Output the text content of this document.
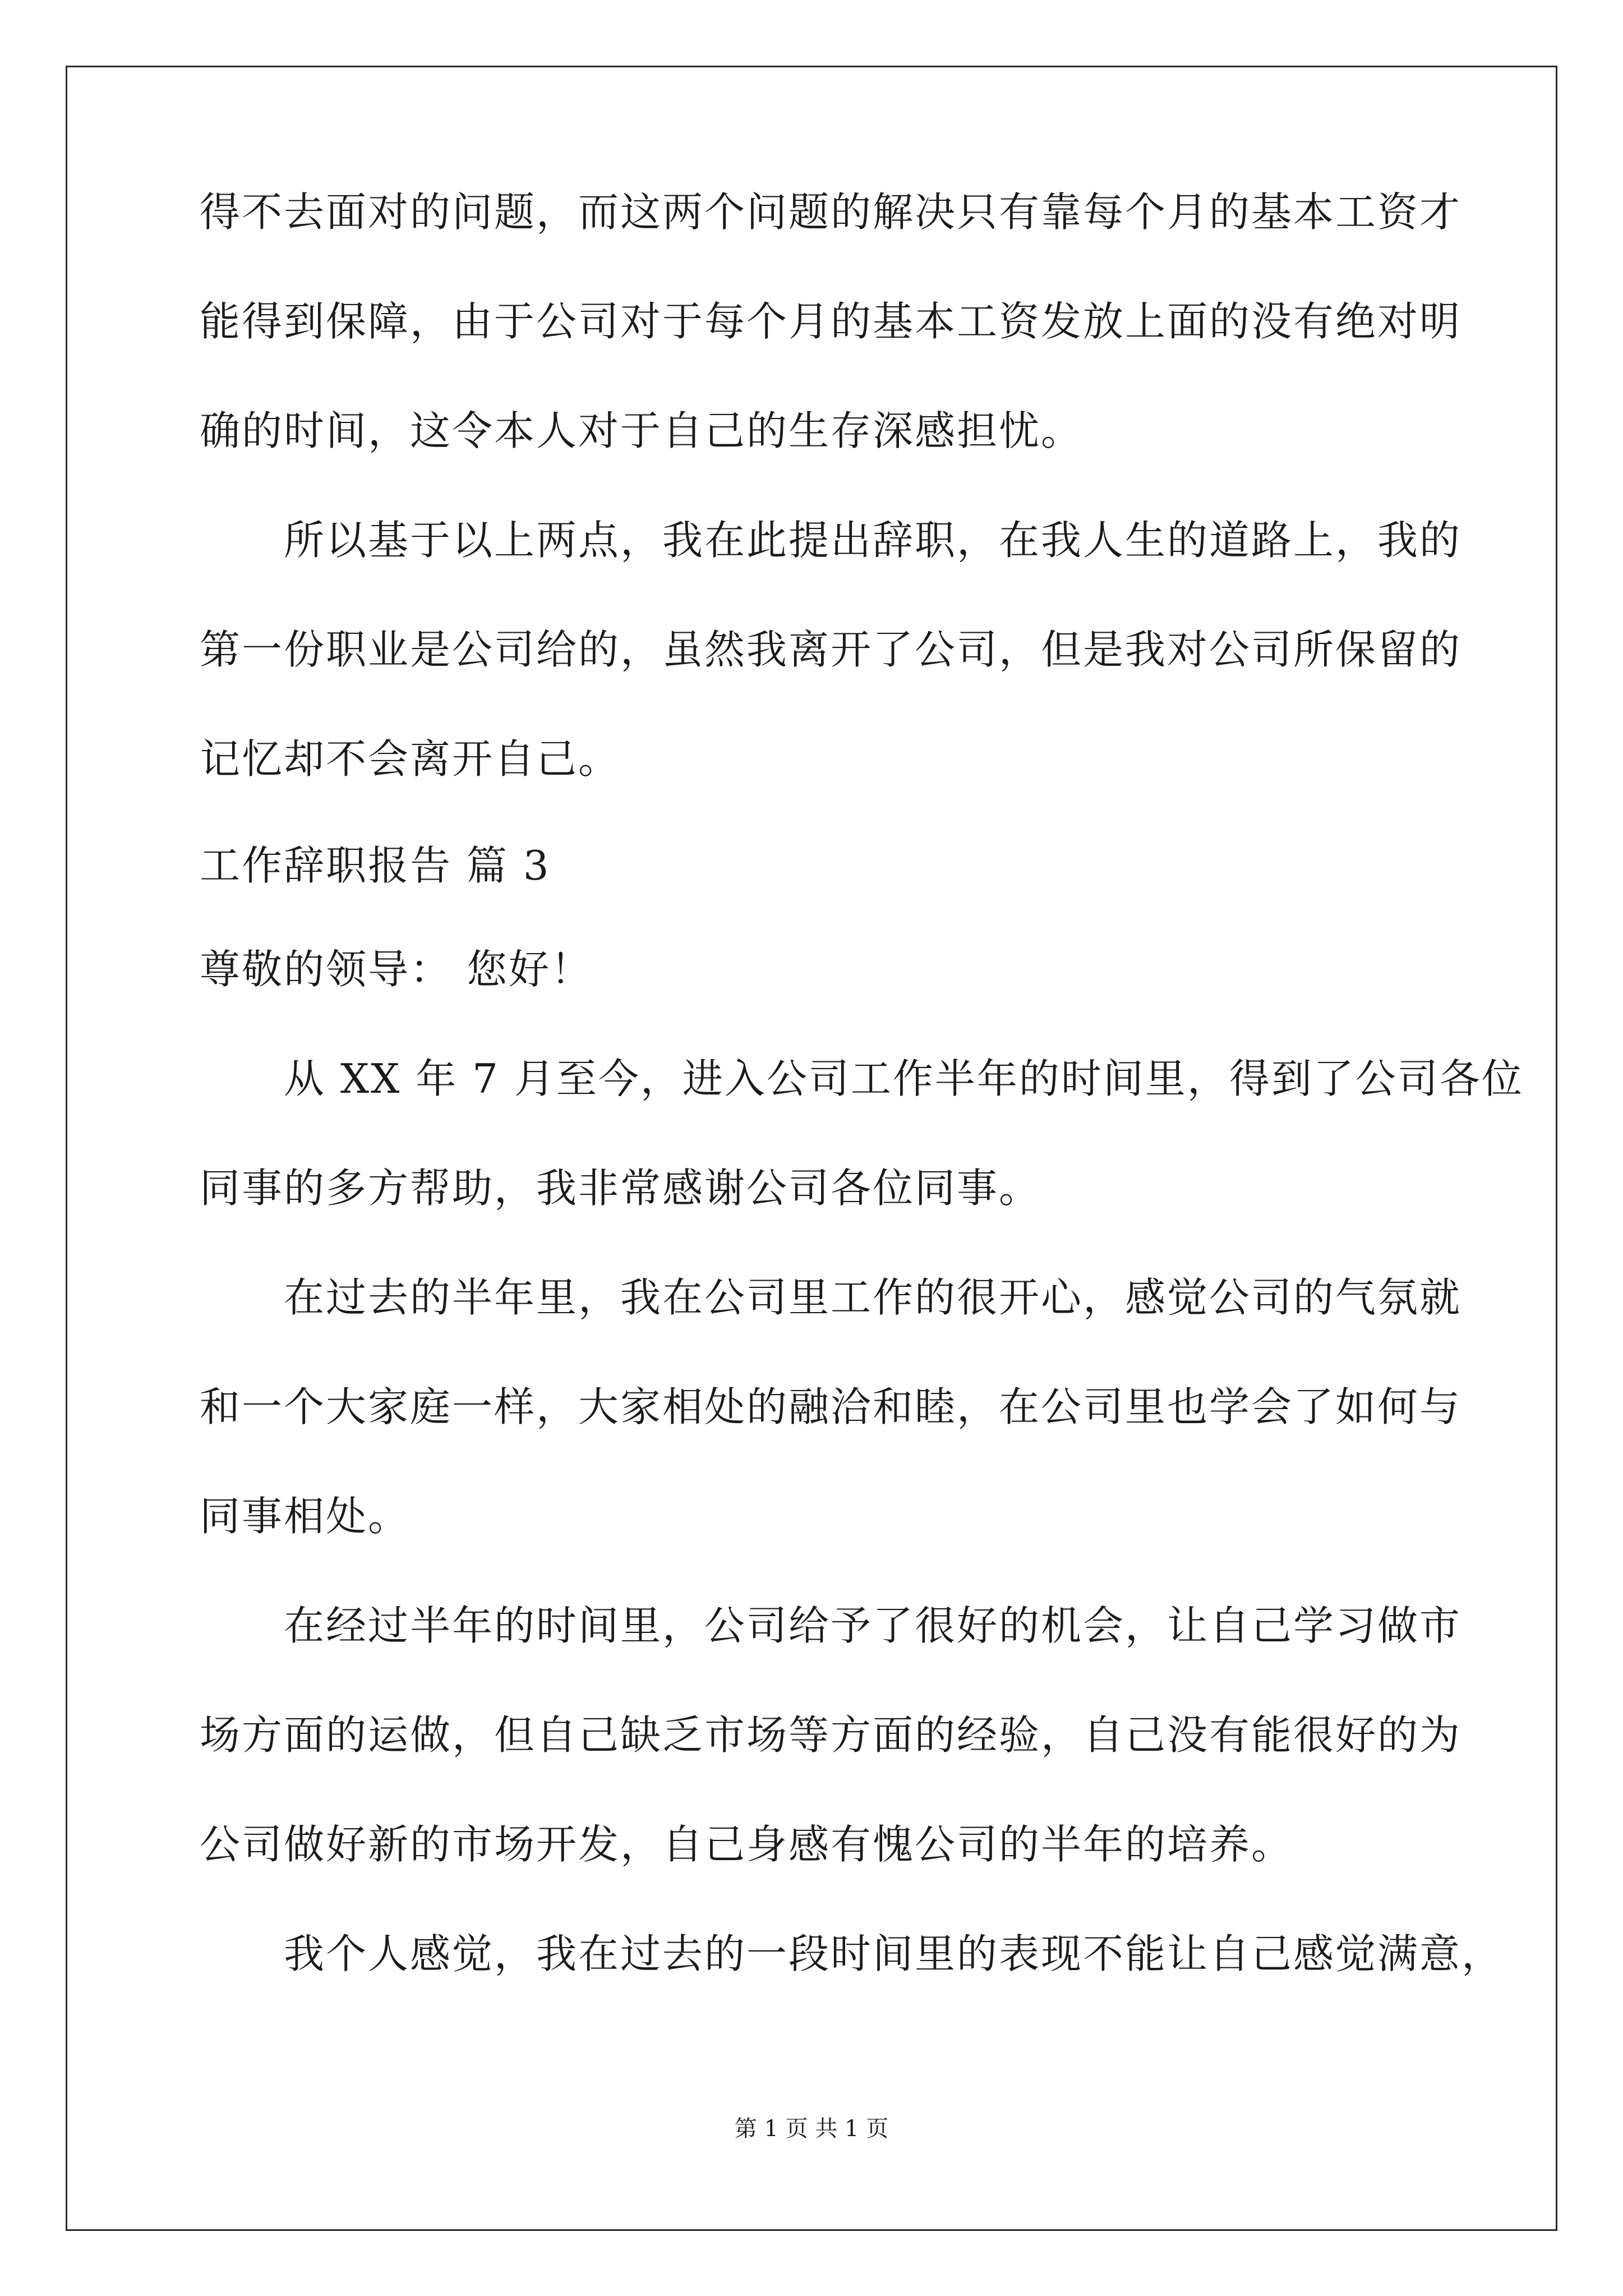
得不去面对的问题，而这两个问题的解决只有靠每个月的基本工资才
能得到保障，由于公司对于每个月的基本工资发放上面的没有绝对明
确的时间，这令本人对于自己的生存深感担忧。
所以基于以上两点，我在此提出辞职，在我人生的道路上，我的
第一份职业是公司给的，虽然我离开了公司，但是我对公司所保留的
记忆却不会离开自己。
工作辞职报告 篇 3
尊敬的领导： 您好！
从 XX 年 7 月至今，进入公司工作半年的时间里，得到了公司各位
同事的多方帮助，我非常感谢公司各位同事。
在过去的半年里，我在公司里工作的很开心，感觉公司的气氛就
和一个大家庭一样，大家相处的融洽和睦，在公司里也学会了如何与
同事相处。
在经过半年的时间里，公司给予了很好的机会，让自己学习做市
场方面的运做，但自己缺乏市场等方面的经验，自己没有能很好的为
公司做好新的市场开发，自己身感有愧公司的半年的培养。
我个人感觉，我在过去的一段时间里的表现不能让自己感觉满意，
第 1 页 共 1 页
